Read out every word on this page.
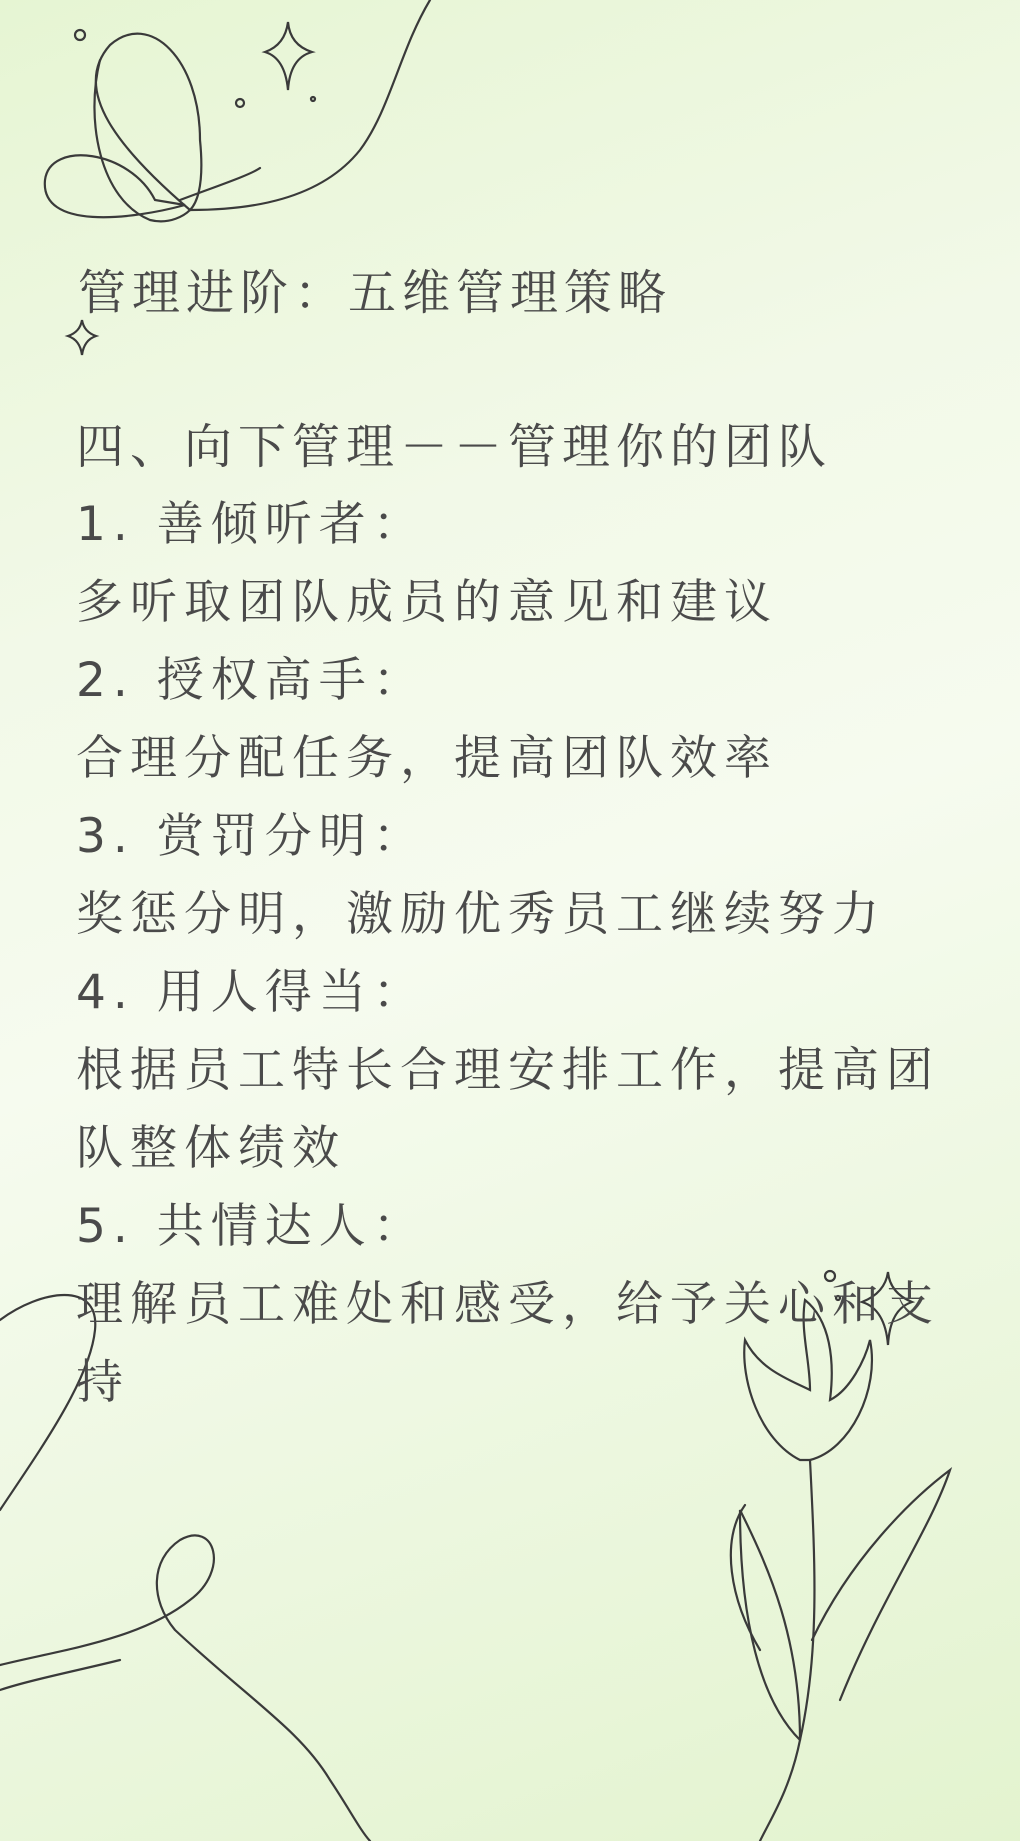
管理进阶：五维管理策略
四、向下管理－－管理你的团队

1. 善倾听者：

多听取团队成员的意见和建议

2. 授权高手：

合理分配任务，提高团队效率

3. 赏罚分明：

奖惩分明，激励优秀员工继续努力

4. 用人得当：

根据员工特长合理安排工作，提高团队整体绩效

5. 共情达人：

理解员工难处和感受，给予关心和支持
